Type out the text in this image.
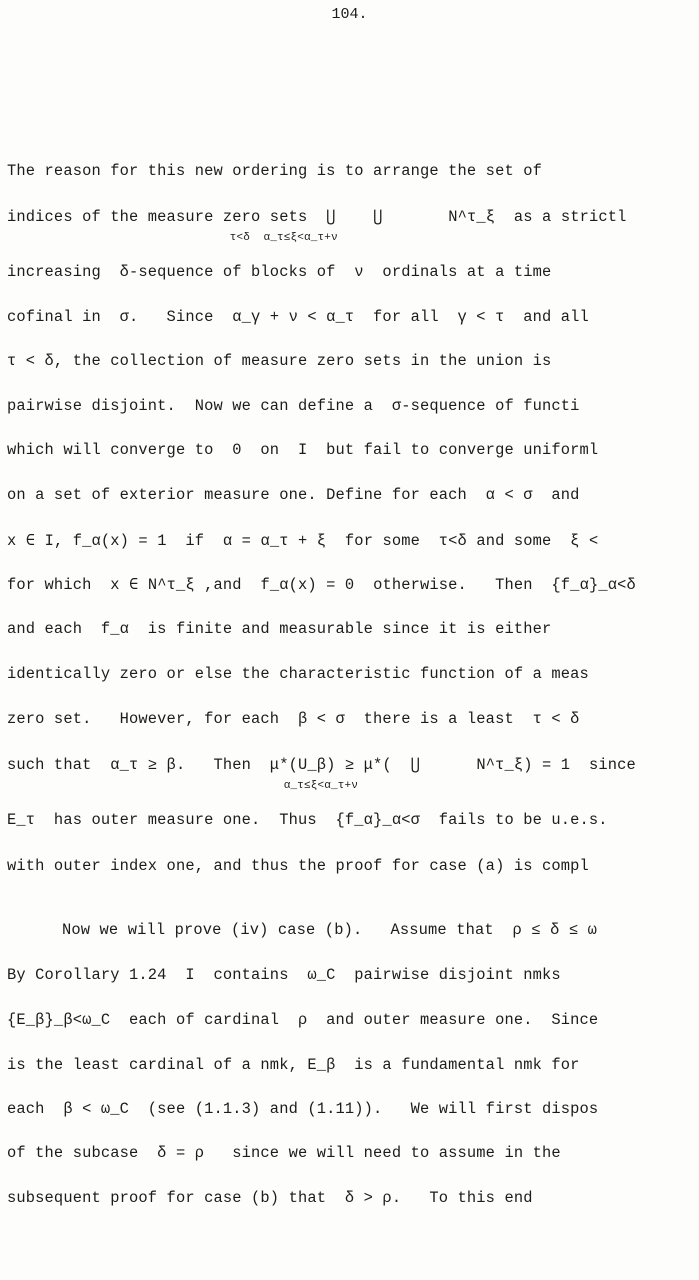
104.
The reason for this new ordering is to arrange the set of
indices of the measure zero sets  ⋃    ⋃       N^τ_ξ  as a strictl
τ<δ  α_τ≤ξ<α_τ+ν
increasing  δ-sequence of blocks of  ν  ordinals at a time
cofinal in  σ.   Since  α_γ + ν < α_τ  for all  γ < τ  and all
τ < δ, the collection of measure zero sets in the union is
pairwise disjoint.  Now we can define a  σ-sequence of functi
which will converge to  0  on  I  but fail to converge uniforml
on a set of exterior measure one. Define for each  α < σ  and
x ∈ I, f_α(x) = 1  if  α = α_τ + ξ  for some  τ<δ and some  ξ <
for which  x ∈ N^τ_ξ ,and  f_α(x) = 0  otherwise.   Then  {f_α}_α<δ
and each  f_α  is finite and measurable since it is either
identically zero or else the characteristic function of a meas
zero set.   However, for each  β < σ  there is a least  τ < δ
such that  α_τ ≥ β.   Then  μ*(U_β) ≥ μ*(  ⋃      N^τ_ξ) = 1  since
α_τ≤ξ<α_τ+ν
E_τ  has outer measure one.  Thus  {f_α}_α<σ  fails to be u.e.s.
with outer index one, and thus the proof for case (a) is compl
Now we will prove (iv) case (b).   Assume that  ρ ≤ δ ≤ ω
By Corollary 1.24  I  contains  ω_C  pairwise disjoint nmks
{E_β}_β<ω_C  each of cardinal  ρ  and outer measure one.  Since
is the least cardinal of a nmk, E_β  is a fundamental nmk for
each  β < ω_C  (see (1.1.3) and (1.11)).   We will first dispos
of the subcase  δ = ρ   since we will need to assume in the
subsequent proof for case (b) that  δ > ρ.   To this end
